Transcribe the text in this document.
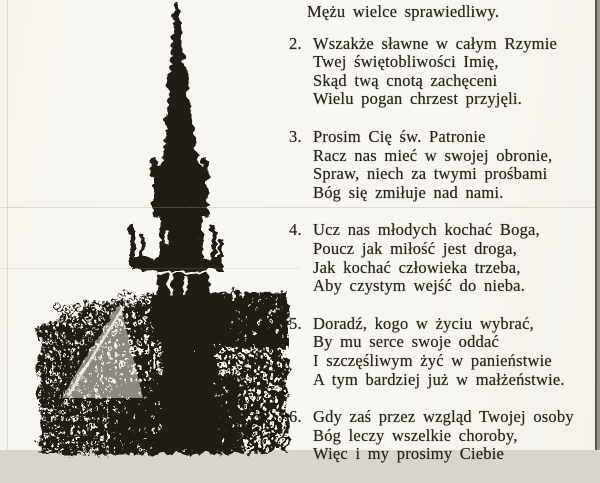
Mężu wielce sprawiedliwy.
2. Wszakże sławne w całym Rzymie
Twej świętobliwości Imię,
Skąd twą cnotą zachęceni
Wielu pogan chrzest przyjęli.
3. Prosim Cię św. Patronie
Racz nas mieć w swojej obronie,
Spraw, niech za twymi prośbami
Bóg się zmiłuje nad nami.
4. Ucz nas młodych kochać Boga,
Poucz jak miłość jest droga,
Jak kochać człowieka trzeba,
Aby czystym wejść do nieba.
5. Doradź, kogo w życiu wybrać,
By mu serce swoje oddać
I szczęśliwym żyć w panieństwie
A tym bardziej już w małżeństwie.
6. Gdy zaś przez wzgląd Twojej osoby
Bóg leczy wszelkie choroby,
Więc i my prosimy Ciebie
